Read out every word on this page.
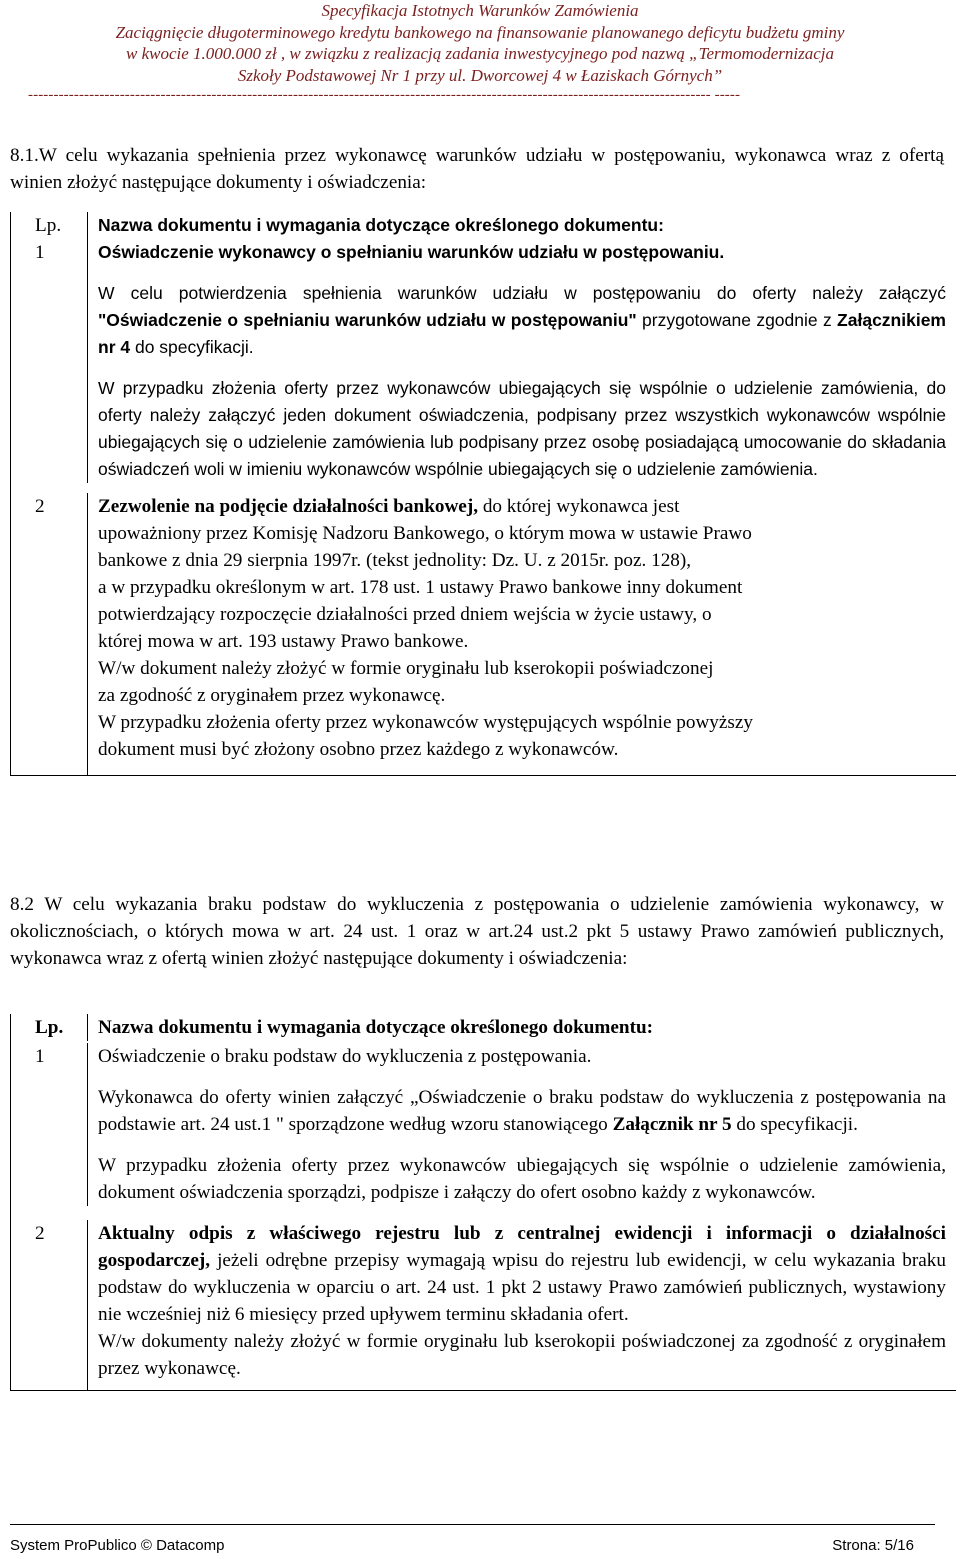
Specyfikacja Istotnych Warunków Zamówienia
Zaciągnięcie długoterminowego kredytu bankowego na finansowanie planowanego deficytu budżetu gminy
w kwocie 1.000.000 zł , w związku z realizacją zadania inwestycyjnego pod nazwą „Termomodernizacja
Szkoły Podstawowej Nr 1 przy ul. Dworcowej 4 w Łaziskach Górnych”
-------------------------------------------------------------------------------------------------------------------------------------- -----
8.1.W celu wykazania spełnienia przez wykonawcę warunków udziału w postępowaniu, wykonawca wraz z ofertą winien złożyć następujące dokumenty i oświadczenia:
Lp.	Nazwa dokumentu i wymagania dotyczące określonego dokumentu:
1	Oświadczenie wykonawcy o spełnianiu warunków udziału w postępowaniu.
W celu potwierdzenia spełnienia warunków udziału w postępowaniu do oferty należy załączyć "Oświadczenie o spełnianiu warunków udziału w postępowaniu" przygotowane zgodnie z Załącznikiem nr 4 do specyfikacji.
W przypadku złożenia oferty przez wykonawców ubiegających się wspólnie o udzielenie zamówienia, do oferty należy załączyć jeden dokument oświadczenia, podpisany przez wszystkich wykonawców wspólnie ubiegających się o udzielenie zamówienia lub podpisany przez osobę posiadającą umocowanie do składania oświadczeń woli w imieniu wykonawców wspólnie ubiegających się o udzielenie zamówienia.
2	Zezwolenie na podjęcie działalności bankowej, do której wykonawca jest
upoważniony przez Komisję Nadzoru Bankowego, o którym mowa w ustawie Prawo
bankowe z dnia 29 sierpnia 1997r. (tekst jednolity: Dz. U. z 2015r. poz. 128),
a w przypadku określonym w art. 178 ust. 1 ustawy Prawo bankowe inny dokument
potwierdzający rozpoczęcie działalności przed dniem wejścia w życie ustawy, o
której mowa w art. 193 ustawy Prawo bankowe.
W/w dokument należy złożyć w formie oryginału lub kserokopii poświadczonej
za zgodność z oryginałem przez wykonawcę.
W przypadku złożenia oferty przez wykonawców występujących wspólnie powyższy
dokument musi być złożony osobno przez każdego z wykonawców.
8.2 W celu wykazania braku podstaw do wykluczenia z postępowania o udzielenie zamówienia wykonawcy, w okolicznościach, o których mowa w art. 24 ust. 1 oraz w art.24 ust.2 pkt 5 ustawy Prawo zamówień publicznych, wykonawca wraz z ofertą winien złożyć następujące dokumenty i oświadczenia:
Lp.	Nazwa dokumentu i wymagania dotyczące określonego dokumentu:
1	Oświadczenie o braku podstaw do wykluczenia z postępowania.
Wykonawca do oferty winien załączyć „Oświadczenie o braku podstaw do wykluczenia z postępowania na podstawie art. 24 ust.1 " sporządzone według wzoru stanowiącego Załącznik nr 5 do specyfikacji.
W przypadku złożenia oferty przez wykonawców ubiegających się wspólnie o udzielenie zamówienia, dokument oświadczenia sporządzi, podpisze i załączy do ofert osobno każdy z wykonawców.
2	Aktualny odpis z właściwego rejestru lub z centralnej ewidencji i informacji o działalności gospodarczej, jeżeli odrębne przepisy wymagają wpisu do rejestru lub ewidencji, w celu wykazania braku podstaw do wykluczenia w oparciu o art. 24 ust. 1 pkt 2 ustawy Prawo zamówień publicznych, wystawiony nie wcześniej niż 6 miesięcy przed upływem terminu składania ofert.
W/w dokumenty należy złożyć w formie oryginału lub kserokopii poświadczonej za zgodność z oryginałem przez wykonawcę.
System ProPublico © Datacomp	Strona: 5/16
